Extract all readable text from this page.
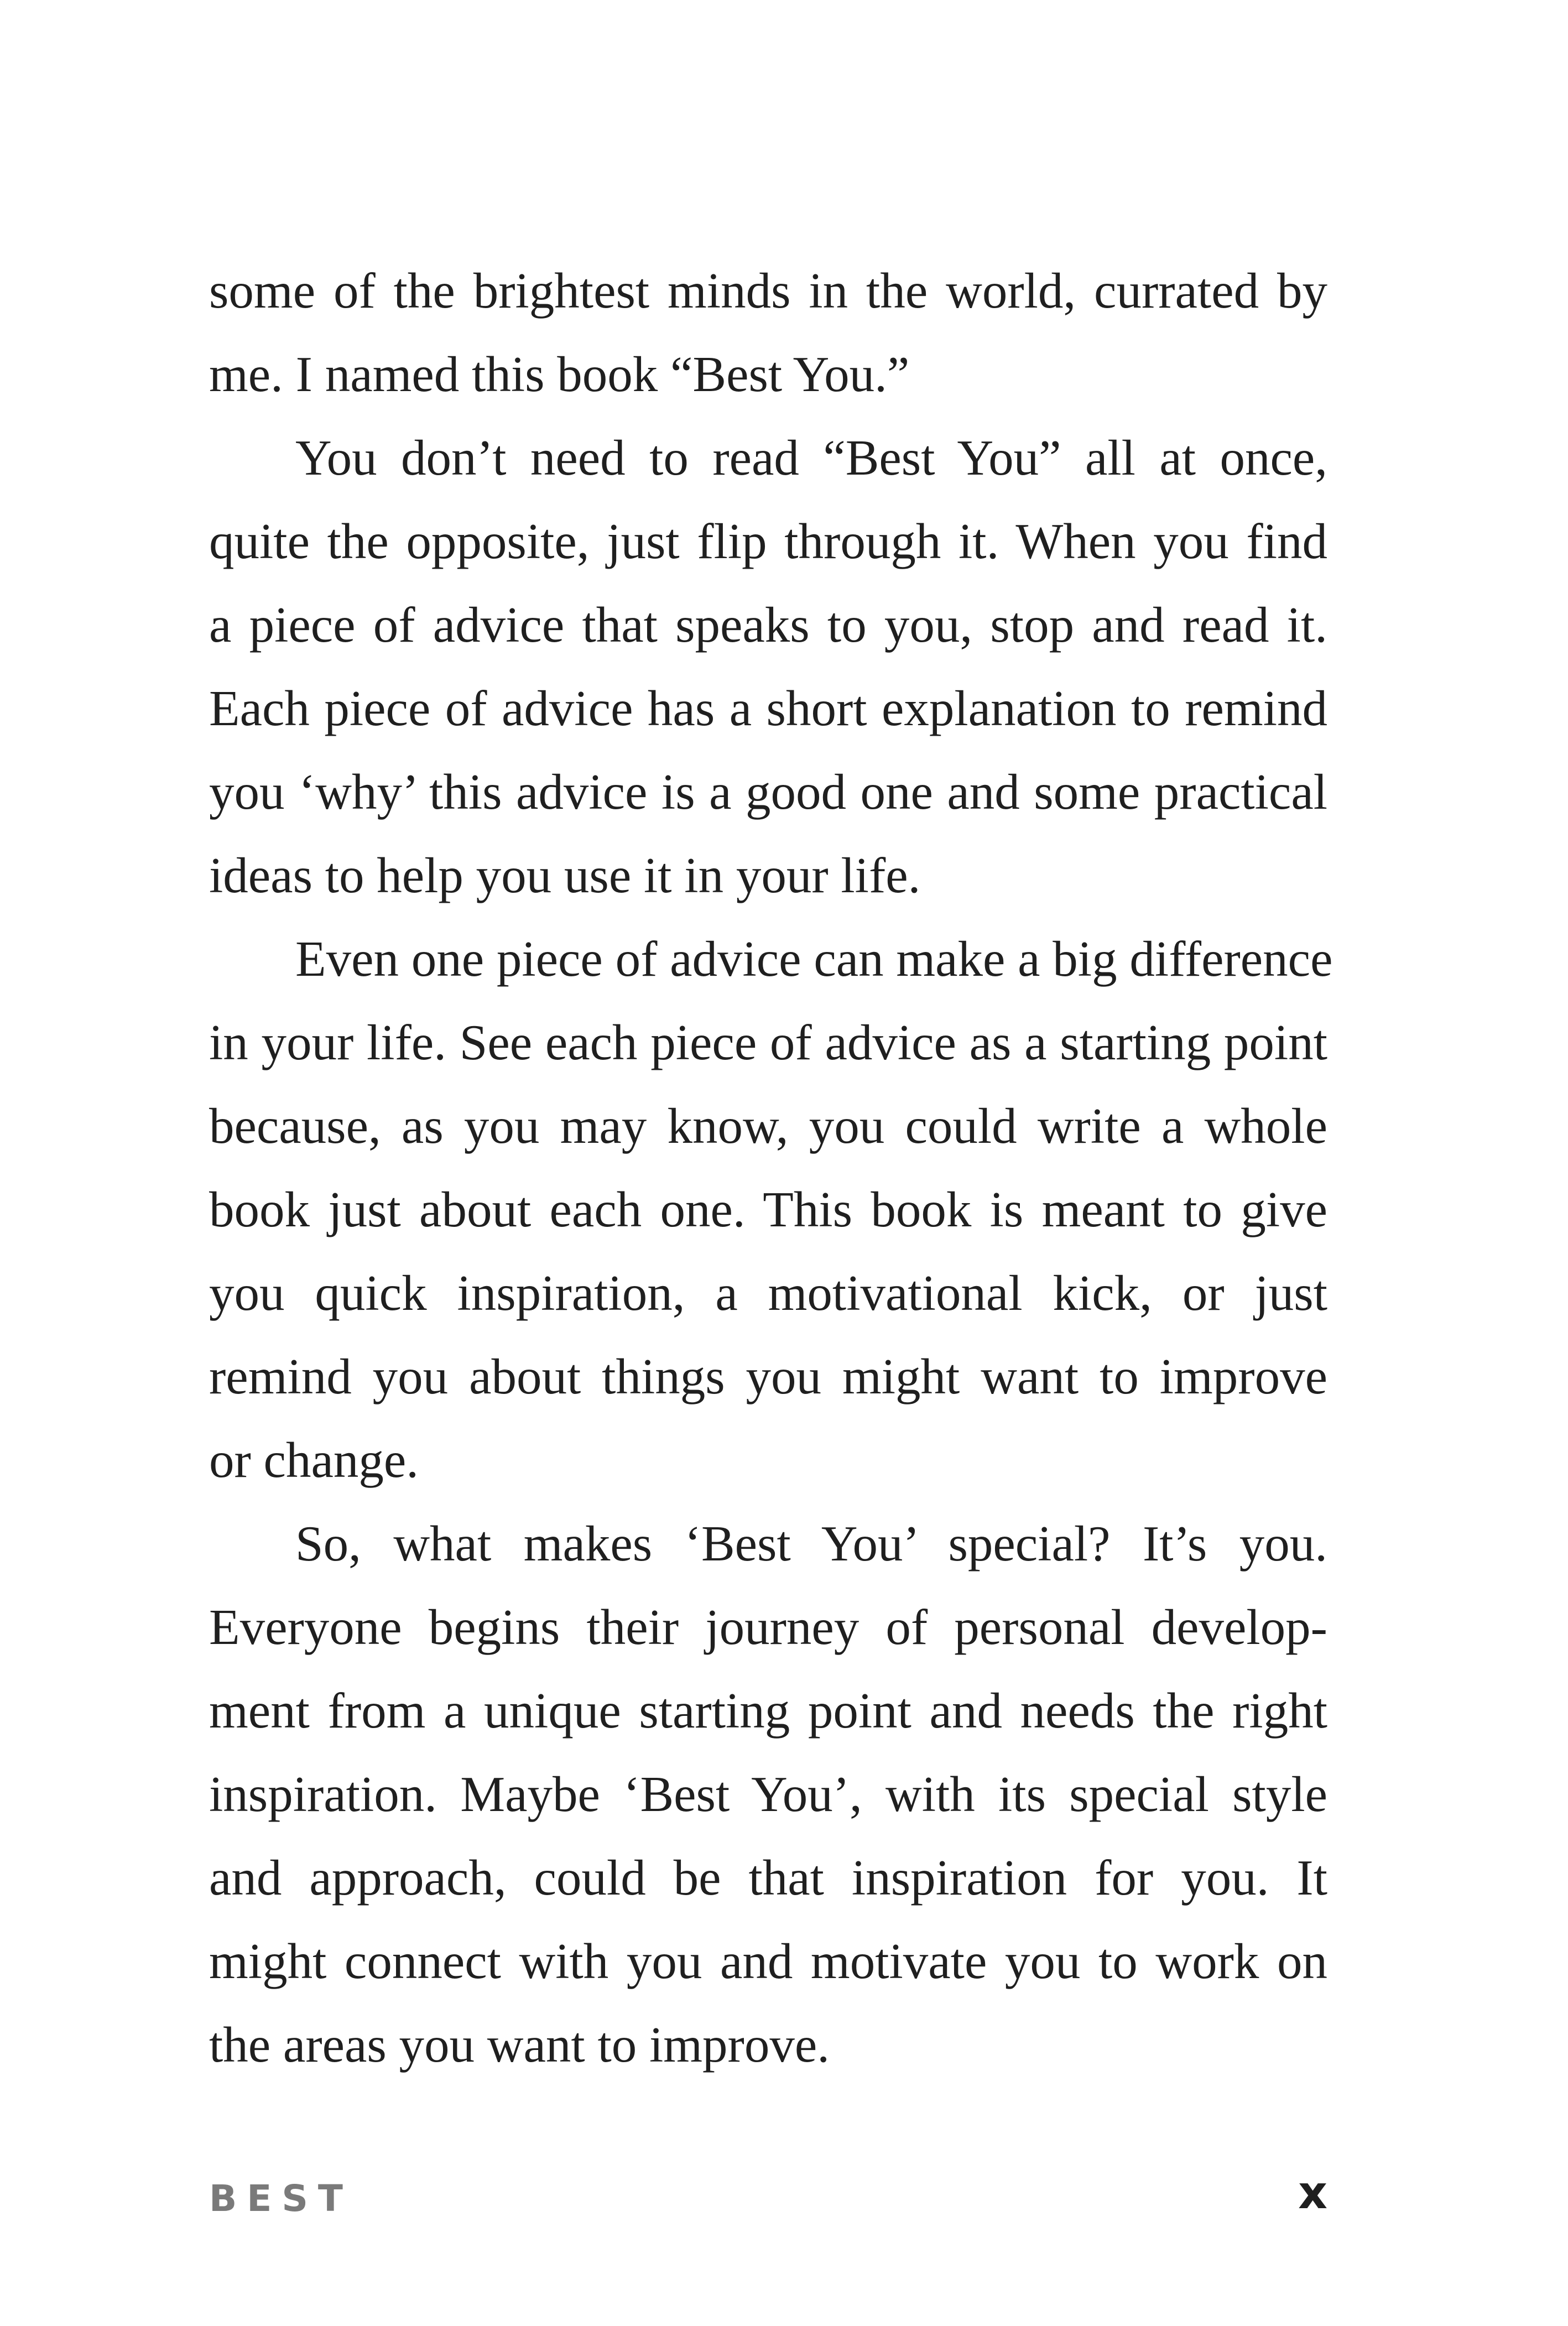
some of the brightest minds in the world, currated by
me. I named this book “Best You.”
You don’t need to read “Best You” all at once,
quite the opposite, just flip through it. When you find
a piece of advice that speaks to you, stop and read it.
Each piece of advice has a short explanation to remind
you ‘why’ this advice is a good one and some practical
ideas to help you use it in your life.
Even one piece of advice can make a big difference
in your life. See each piece of advice as a starting point
because, as you may know, you could write a whole
book just about each one. This book is meant to give
you quick inspiration, a motivational kick, or just
remind you about things you might want to improve
or change.
So, what makes ‘Best You’ special? It’s you.
Everyone begins their journey of personal develop-
ment from a unique starting point and needs the right
inspiration. Maybe ‘Best You’, with its special style
and approach, could be that inspiration for you. It
might connect with you and motivate you to work on
the areas you want to improve.
BEST	x
